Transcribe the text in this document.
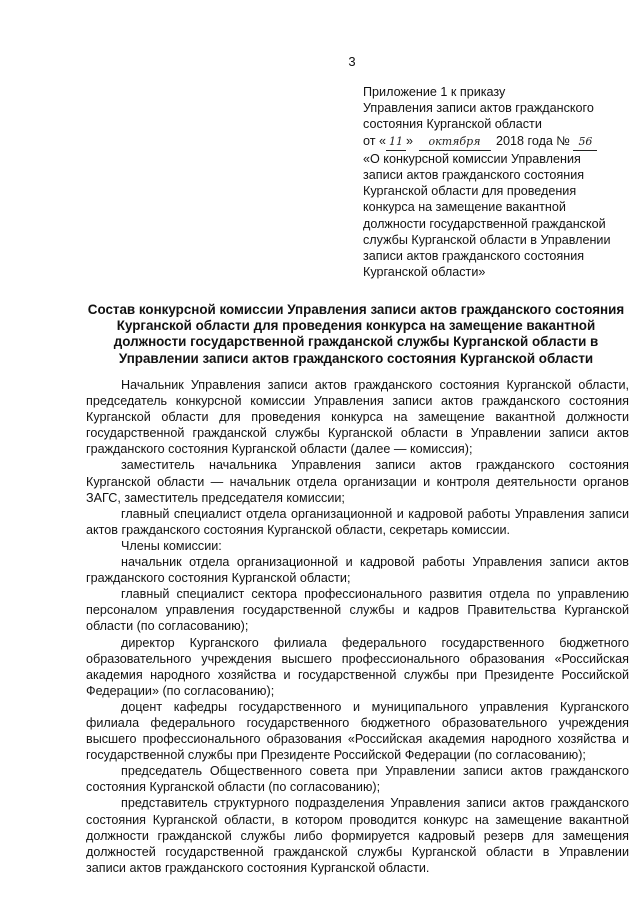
3
Приложение 1 к приказу
Управления записи актов гражданского
состояния Курганской области
от « 11 » октября 2018 года № 56
«О конкурсной комиссии Управления
записи актов гражданского состояния
Курганской области для проведения
конкурса на замещение вакантной
должности государственной гражданской
службы Курганской области в Управлении
записи актов гражданского состояния
Курганской области»
Состав конкурсной комиссии Управления записи актов гражданского состояния
Курганской области для проведения конкурса на замещение вакантной
должности государственной гражданской службы Курганской области в
Управлении записи актов гражданского состояния Курганской области

Начальник Управления записи актов гражданского состояния Курганской области, председатель конкурсной комиссии Управления записи актов гражданского состояния Курганской области для проведения конкурса на замещение вакантной должности государственной гражданской службы Курганской области в Управлении записи актов гражданского состояния Курганской области (далее — комиссия);

заместитель начальника Управления записи актов гражданского состояния Курганской области — начальник отдела организации и контроля деятельности органов ЗАГС, заместитель председателя комиссии;

главный специалист отдела организационной и кадровой работы Управления записи актов гражданского состояния Курганской области, секретарь комиссии.

Члены комиссии:

начальник отдела организационной и кадровой работы Управления записи актов гражданского состояния Курганской области;

главный специалист сектора профессионального развития отдела по управлению персоналом управления государственной службы и кадров Правительства Курганской области (по согласованию);

директор Курганского филиала федерального государственного бюджетного образовательного учреждения высшего профессионального образования «Российская академия народного хозяйства и государственной службы при Президенте Российской Федерации» (по согласованию);

доцент кафедры государственного и муниципального управления Курганского филиала федерального государственного бюджетного образовательного учреждения высшего профессионального образования «Российская академия народного хозяйства и государственной службы при Президенте Российской Федерации (по согласованию);

председатель Общественного совета при Управлении записи актов гражданского состояния Курганской области (по согласованию);

представитель структурного подразделения Управления записи актов гражданского состояния Курганской области, в котором проводится конкурс на замещение вакантной должности гражданской службы либо формируется кадровый резерв для замещения должностей государственной гражданской службы Курганской области в Управлении записи актов гражданского состояния Курганской области.
